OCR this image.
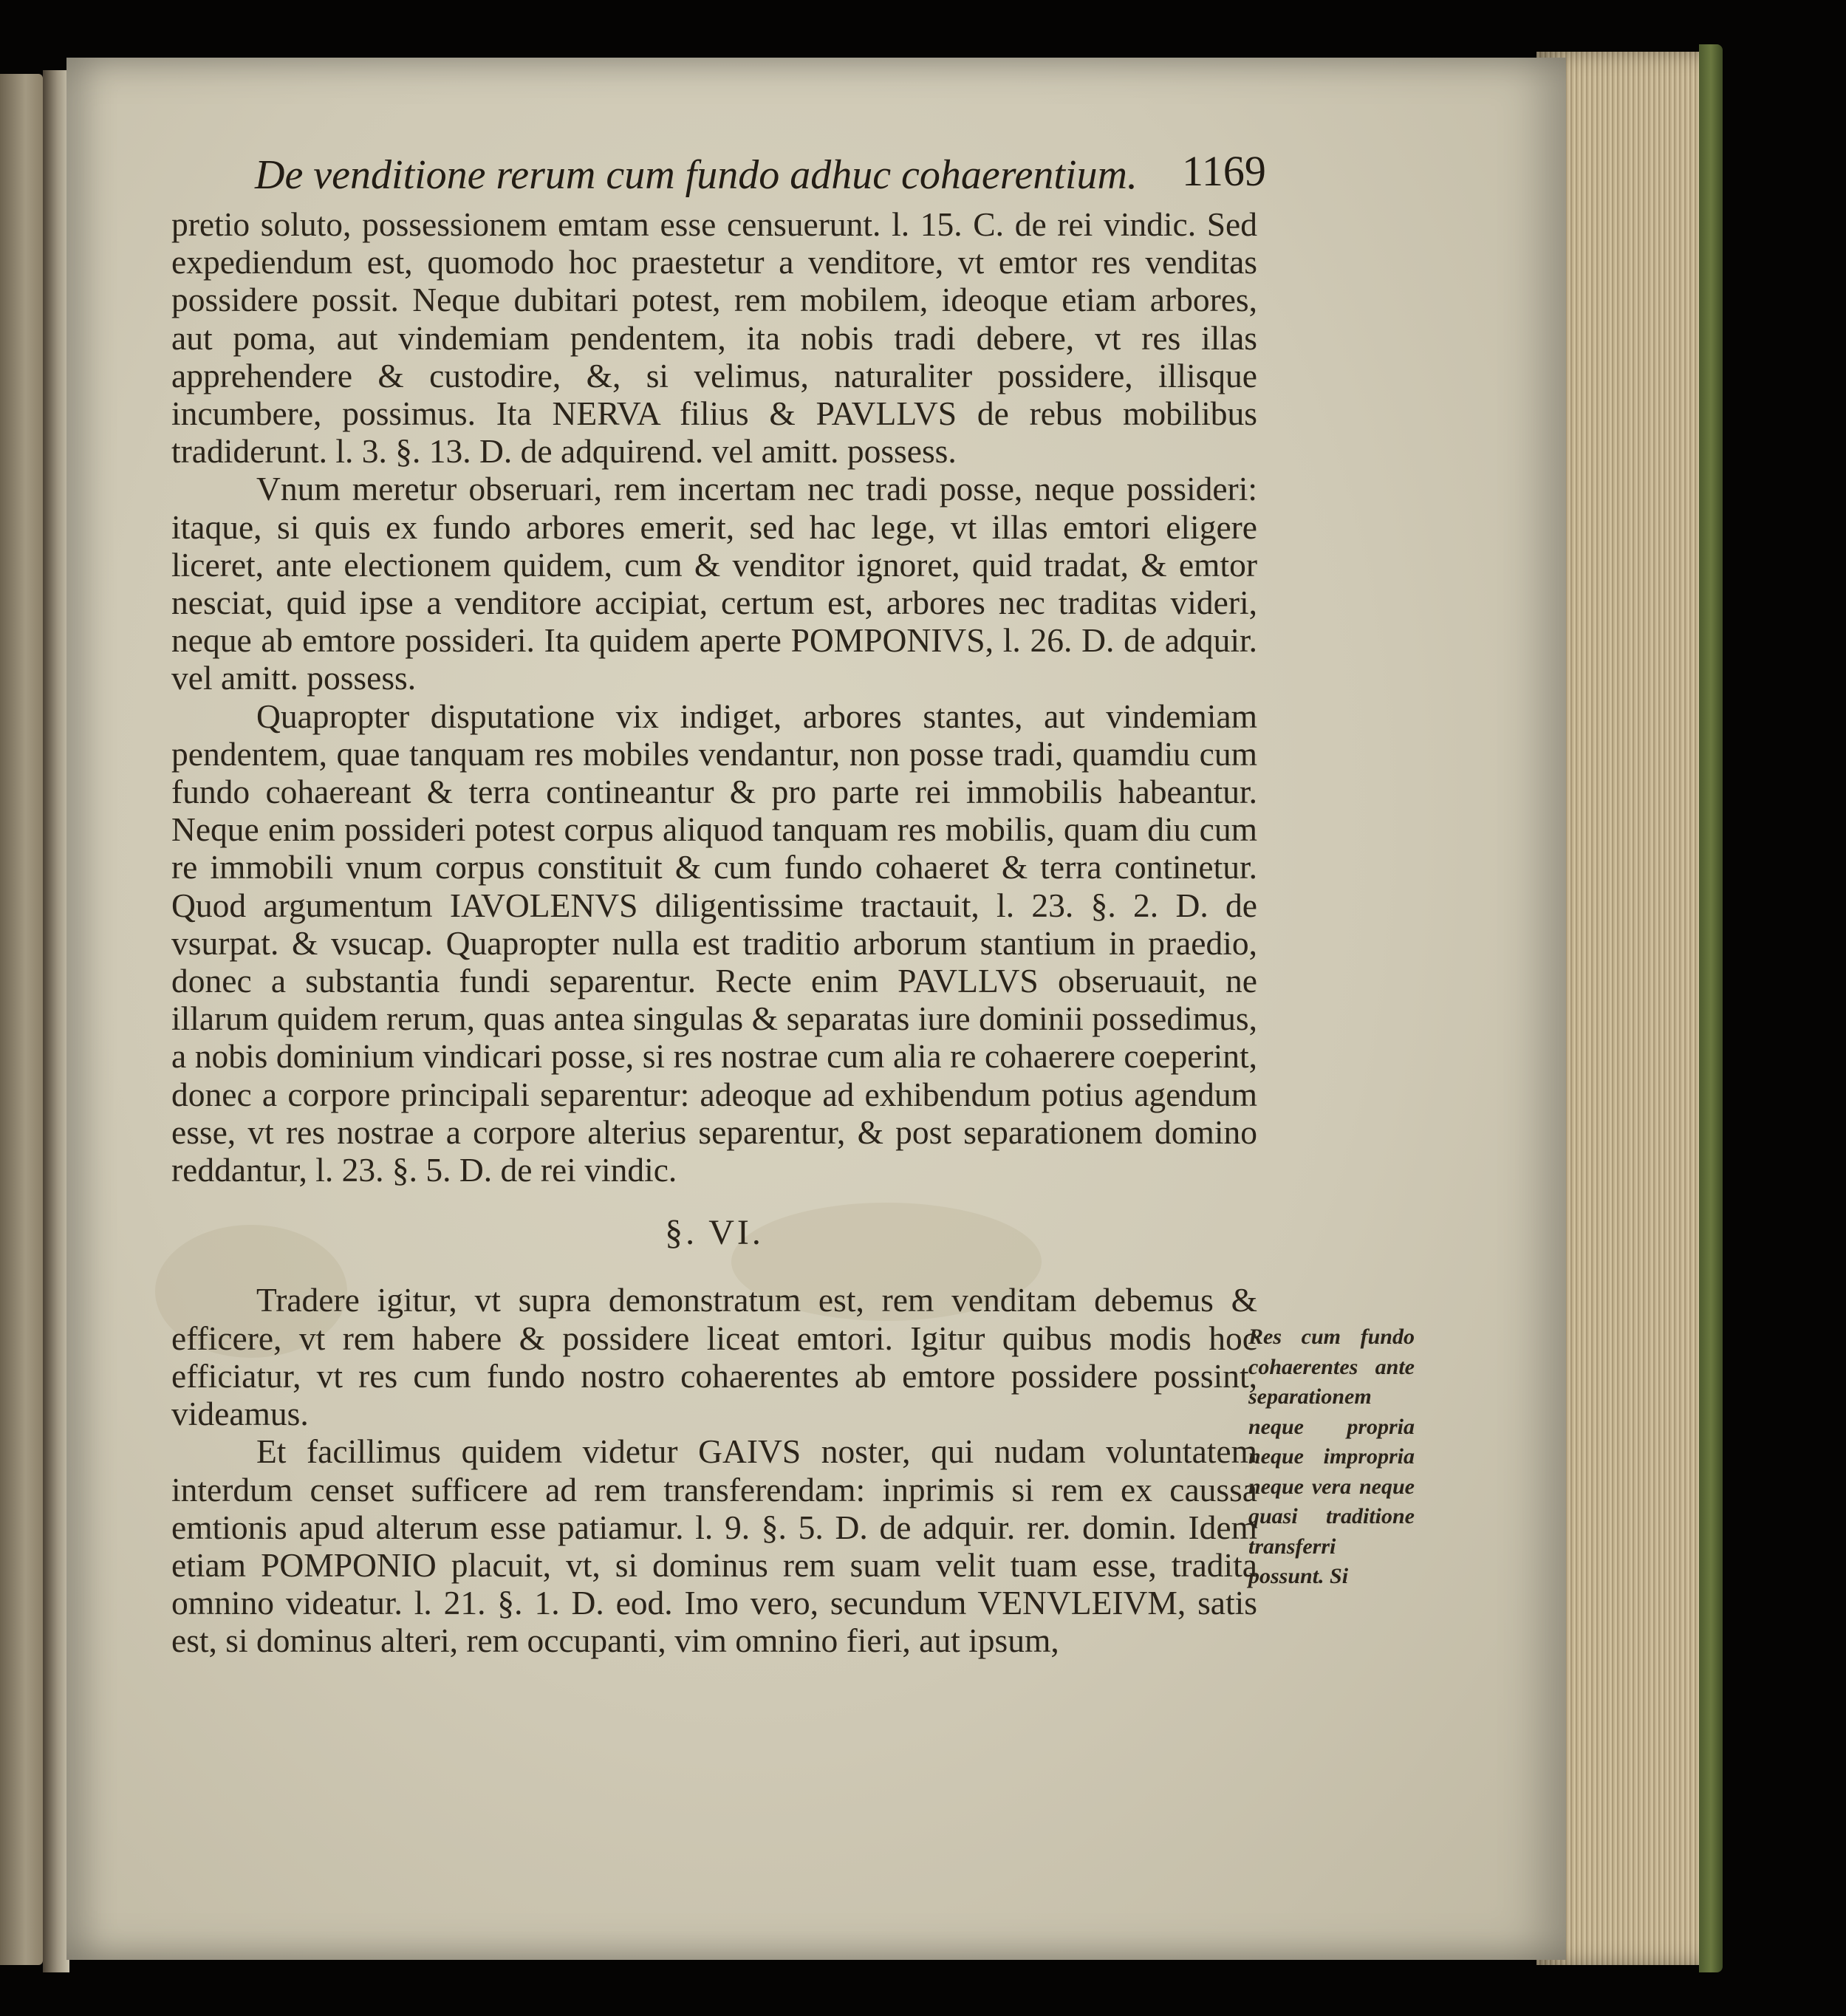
De venditione rerum cum fundo adhuc cohaerentium.	1169

pretio soluto, possessionem emtam esse censuerunt. l. 15. C. de rei vindic. Sed expediendum est, quomodo hoc praestetur a venditore, vt emtor res venditas possidere possit. Neque dubitari potest, rem mobilem, ideoque etiam arbores, aut poma, aut vindemiam pendentem, ita nobis tradi debere, vt res illas apprehendere & custodire, &, si velimus, naturaliter possidere, illisque incumbere, possimus. Ita NERVA filius & PAVLLVS de rebus mobilibus tradiderunt. l. 3. §. 13. D. de adquirend. vel amitt. possess.

Vnum meretur obseruari, rem incertam nec tradi posse, neque possideri: itaque, si quis ex fundo arbores emerit, sed hac lege, vt illas emtori eligere liceret, ante electionem quidem, cum & venditor ignoret, quid tradat, & emtor nesciat, quid ipse a venditore accipiat, certum est, arbores nec traditas videri, neque ab emtore possideri. Ita quidem aperte POMPONIVS, l. 26. D. de adquir. vel amitt. possess.

Quapropter disputatione vix indiget, arbores stantes, aut vindemiam pendentem, quae tanquam res mobiles vendantur, non posse tradi, quamdiu cum fundo cohaereant & terra contineantur & pro parte rei immobilis habeantur. Neque enim possideri potest corpus aliquod tanquam res mobilis, quam diu cum re immobili vnum corpus constituit & cum fundo cohaeret & terra continetur. Quod argumentum IAVOLENVS diligentissime tractauit, l. 23. §. 2. D. de vsurpat. & vsucap. Quapropter nulla est traditio arborum stantium in praedio, donec a substantia fundi separentur. Recte enim PAVLLVS obseruauit, ne illarum quidem rerum, quas antea singulas & separatas iure dominii possedimus, a nobis dominium vindicari posse, si res nostrae cum alia re cohaerere coeperint, donec a corpore principali separentur: adeoque ad exhibendum potius agendum esse, vt res nostrae a corpore alterius separentur, & post separationem domino reddantur, l. 23. §. 5. D. de rei vindic.

§. VI.

Tradere igitur, vt supra demonstratum est, rem venditam debemus & efficere, vt rem habere & possidere liceat emtori. Igitur quibus modis hoc efficiatur, vt res cum fundo nostro cohaerentes ab emtore possidere possint, videamus.

Et facillimus quidem videtur GAIVS noster, qui nudam voluntatem interdum censet sufficere ad rem transferendam: inprimis si rem ex caussa emtionis apud alterum esse patiamur. l. 9. §. 5. D. de adquir. rer. domin. Idem etiam POMPONIO placuit, vt, si dominus rem suam velit tuam esse, tradita omnino videatur. l. 21. §. 1. D. eod. Imo vero, secundum VENVLEIVM, satis est, si dominus alteri, rem occupanti, vim omnino fieri, aut ipsum,

Res cum fundo cohaerentes ante separationem neque propria neque impropria neque vera neque quasi traditione transferri possunt. Si
